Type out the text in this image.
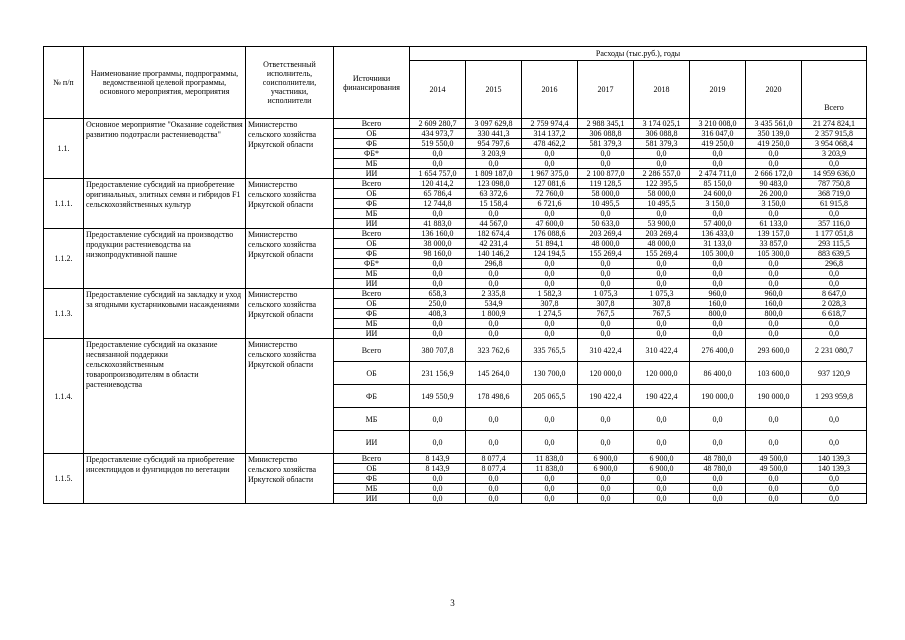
№ п/п	Наименование программы, подпрограммы, ведомственной целевой программы, основного мероприятия, мероприятия	Ответственный исполнитель, соисполнители, участники, исполнители	Источники финансирования	Расходы (тыс.руб.), годы							
				2014	2015	2016	2017	2018	2019	2020	Всего
1.1.	Основное мероприятие "Оказание содействия развитию подотрасли растениеводства"	Министерство сельского хозяйства Иркутской области	Всего	2 609 280,7	3 097 629,8	2 759 974,4	2 988 345,1	3 174 025,1	3 210 008,0	3 435 561,0	21 274 824,1
			ОБ	434 973,7	330 441,3	314 137,2	306 088,8	306 088,8	316 047,0	350 139,0	2 357 915,8
			ФБ	519 550,0	954 797,6	478 462,2	581 379,3	581 379,3	419 250,0	419 250,0	3 954 068,4
			ФБ*	0,0	3 203,9	0,0	0,0	0,0	0,0	0,0	3 203,9
			МБ	0,0	0,0	0,0	0,0	0,0	0,0	0,0	0,0
			ИИ	1 654 757,0	1 809 187,0	1 967 375,0	2 100 877,0	2 286 557,0	2 474 711,0	2 666 172,0	14 959 636,0
1.1.1.	Предоставление субсидий на приобретение оригинальных, элитных семян и гибридов F1 сельскохозяйственных культур	Министерство сельского хозяйства Иркутской области	Всего	120 414,2	123 098,0	127 081,6	119 128,5	122 395,5	85 150,0	90 483,0	787 750,8
			ОБ	65 786,4	63 372,6	72 760,0	58 000,0	58 000,0	24 600,0	26 200,0	368 719,0
			ФБ	12 744,8	15 158,4	6 721,6	10 495,5	10 495,5	3 150,0	3 150,0	61 915,8
			МБ	0,0	0,0	0,0	0,0	0,0	0,0	0,0	0,0
			ИИ	41 883,0	44 567,0	47 600,0	50 633,0	53 900,0	57 400,0	61 133,0	357 116,0
1.1.2.	Предоставление субсидий на производство продукции растениеводства на низкопродуктивной пашне	Министерство сельского хозяйства Иркутской области	Всего	136 160,0	182 674,4	176 088,6	203 269,4	203 269,4	136 433,0	139 157,0	1 177 051,8
			ОБ	38 000,0	42 231,4	51 894,1	48 000,0	48 000,0	31 133,0	33 857,0	293 115,5
			ФБ	98 160,0	140 146,2	124 194,5	155 269,4	155 269,4	105 300,0	105 300,0	883 639,5
			ФБ*	0,0	296,8	0,0	0,0	0,0	0,0	0,0	296,8
			МБ	0,0	0,0	0,0	0,0	0,0	0,0	0,0	0,0
			ИИ	0,0	0,0	0,0	0,0	0,0	0,0	0,0	0,0
1.1.3.	Предоставление субсидий на закладку и уход за ягодными кустарниковыми насаждениями	Министерство сельского хозяйства Иркутской области	Всего	658,3	2 335,8	1 582,3	1 075,3	1 075,3	960,0	960,0	8 647,0
			ОБ	250,0	534,9	307,8	307,8	307,8	160,0	160,0	2 028,3
			ФБ	408,3	1 800,9	1 274,5	767,5	767,5	800,0	800,0	6 618,7
			МБ	0,0	0,0	0,0	0,0	0,0	0,0	0,0	0,0
			ИИ	0,0	0,0	0,0	0,0	0,0	0,0	0,0	0,0
1.1.4.	Предоставление субсидий на оказание несвязанной поддержки сельскохозяйственным товаропроизводителям в области растениеводства	Министерство сельского хозяйства Иркутской области	Всего	380 707,8	323 762,6	335 765,5	310 422,4	310 422,4	276 400,0	293 600,0	2 231 080,7
			ОБ	231 156,9	145 264,0	130 700,0	120 000,0	120 000,0	86 400,0	103 600,0	937 120,9
			ФБ	149 550,9	178 498,6	205 065,5	190 422,4	190 422,4	190 000,0	190 000,0	1 293 959,8
			МБ	0,0	0,0	0,0	0,0	0,0	0,0	0,0	0,0
			ИИ	0,0	0,0	0,0	0,0	0,0	0,0	0,0	0,0
1.1.5.	Предоставление субсидий на приобретение инсектицидов и фунгицидов по вегетации	Министерство сельского хозяйства Иркутской области	Всего	8 143,9	8 077,4	11 838,0	6 900,0	6 900,0	48 780,0	49 500,0	140 139,3
			ОБ	8 143,9	8 077,4	11 838,0	6 900,0	6 900,0	48 780,0	49 500,0	140 139,3
			ФБ	0,0	0,0	0,0	0,0	0,0	0,0	0,0	0,0
			МБ	0,0	0,0	0,0	0,0	0,0	0,0	0,0	0,0
			ИИ	0,0	0,0	0,0	0,0	0,0	0,0	0,0	0,0
3
